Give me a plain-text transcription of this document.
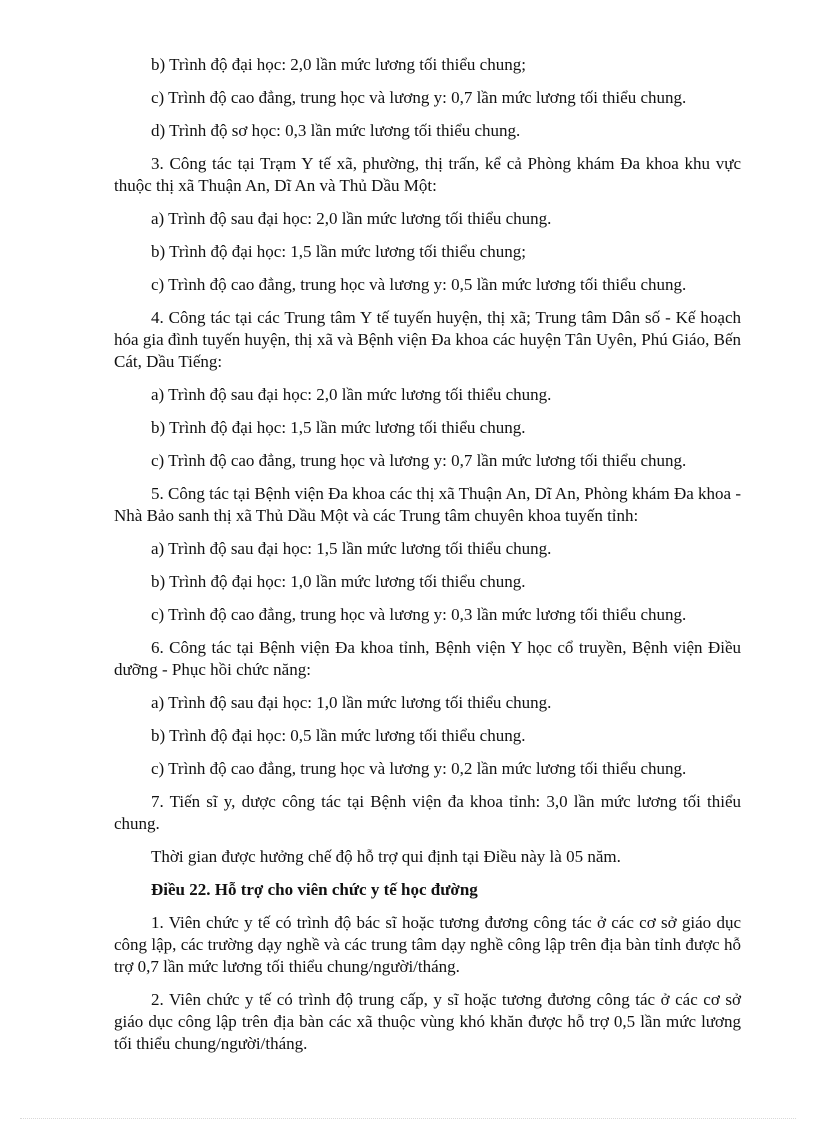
b) Trình độ đại học: 2,0 lần mức lương tối thiểu chung;

c) Trình độ cao đẳng, trung học và lương y: 0,7 lần mức lương tối thiểu chung.

d) Trình độ sơ học: 0,3 lần mức lương tối thiểu chung.

3. Công tác tại Trạm Y tế xã, phường, thị trấn, kể cả Phòng khám Đa khoa khu vực thuộc thị xã Thuận An, Dĩ An và Thủ Dầu Một:

a) Trình độ sau đại học: 2,0 lần mức lương tối thiểu chung.

b) Trình độ đại học: 1,5 lần mức lương tối thiểu chung;

c) Trình độ cao đẳng, trung học và lương y: 0,5 lần mức lương tối thiểu chung.

4. Công tác tại các Trung tâm Y tế tuyến huyện, thị xã; Trung tâm Dân số - Kế hoạch hóa gia đình tuyến huyện, thị xã và Bệnh viện Đa khoa các huyện Tân Uyên, Phú Giáo, Bến Cát, Dầu Tiếng:

a) Trình độ sau đại học: 2,0 lần mức lương tối thiểu chung.

b) Trình độ đại học: 1,5 lần mức lương tối thiểu chung.

c) Trình độ cao đẳng, trung học và lương y: 0,7 lần mức lương tối thiểu chung.

5. Công tác tại Bệnh viện Đa khoa các thị xã Thuận An, Dĩ An, Phòng khám Đa khoa - Nhà Bảo sanh thị xã Thủ Dầu Một và các Trung tâm chuyên khoa tuyến tỉnh:

a) Trình độ sau đại học: 1,5 lần mức lương tối thiểu chung.

b) Trình độ đại học: 1,0 lần mức lương tối thiểu chung.

c) Trình độ cao đẳng, trung học và lương y: 0,3 lần mức lương tối thiểu chung.

6. Công tác tại Bệnh viện Đa khoa tỉnh, Bệnh viện Y học cổ truyền, Bệnh viện Điều dưỡng - Phục hồi chức năng:

a) Trình độ sau đại học: 1,0 lần mức lương tối thiểu chung.

b) Trình độ đại học: 0,5 lần mức lương tối thiểu chung.

c) Trình độ cao đẳng, trung học và lương y: 0,2 lần mức lương tối thiểu chung.

7. Tiến sĩ y, dược công tác tại Bệnh viện đa khoa tỉnh: 3,0 lần mức lương tối thiểu chung.

Thời gian được hưởng chế độ hỗ trợ qui định tại Điều này là 05 năm.

Điều 22. Hỗ trợ cho viên chức y tế học đường

1. Viên chức y tế có trình độ bác sĩ hoặc tương đương công tác ở các cơ sở giáo dục công lập, các trường dạy nghề và các trung tâm dạy nghề công lập trên địa bàn tỉnh được hỗ trợ 0,7 lần mức lương tối thiểu chung/người/tháng.

2. Viên chức y tế có trình độ trung cấp, y sĩ hoặc tương đương công tác ở các cơ sở giáo dục công lập trên địa bàn các xã thuộc vùng khó khăn được hỗ trợ 0,5 lần mức lương tối thiểu chung/người/tháng.
